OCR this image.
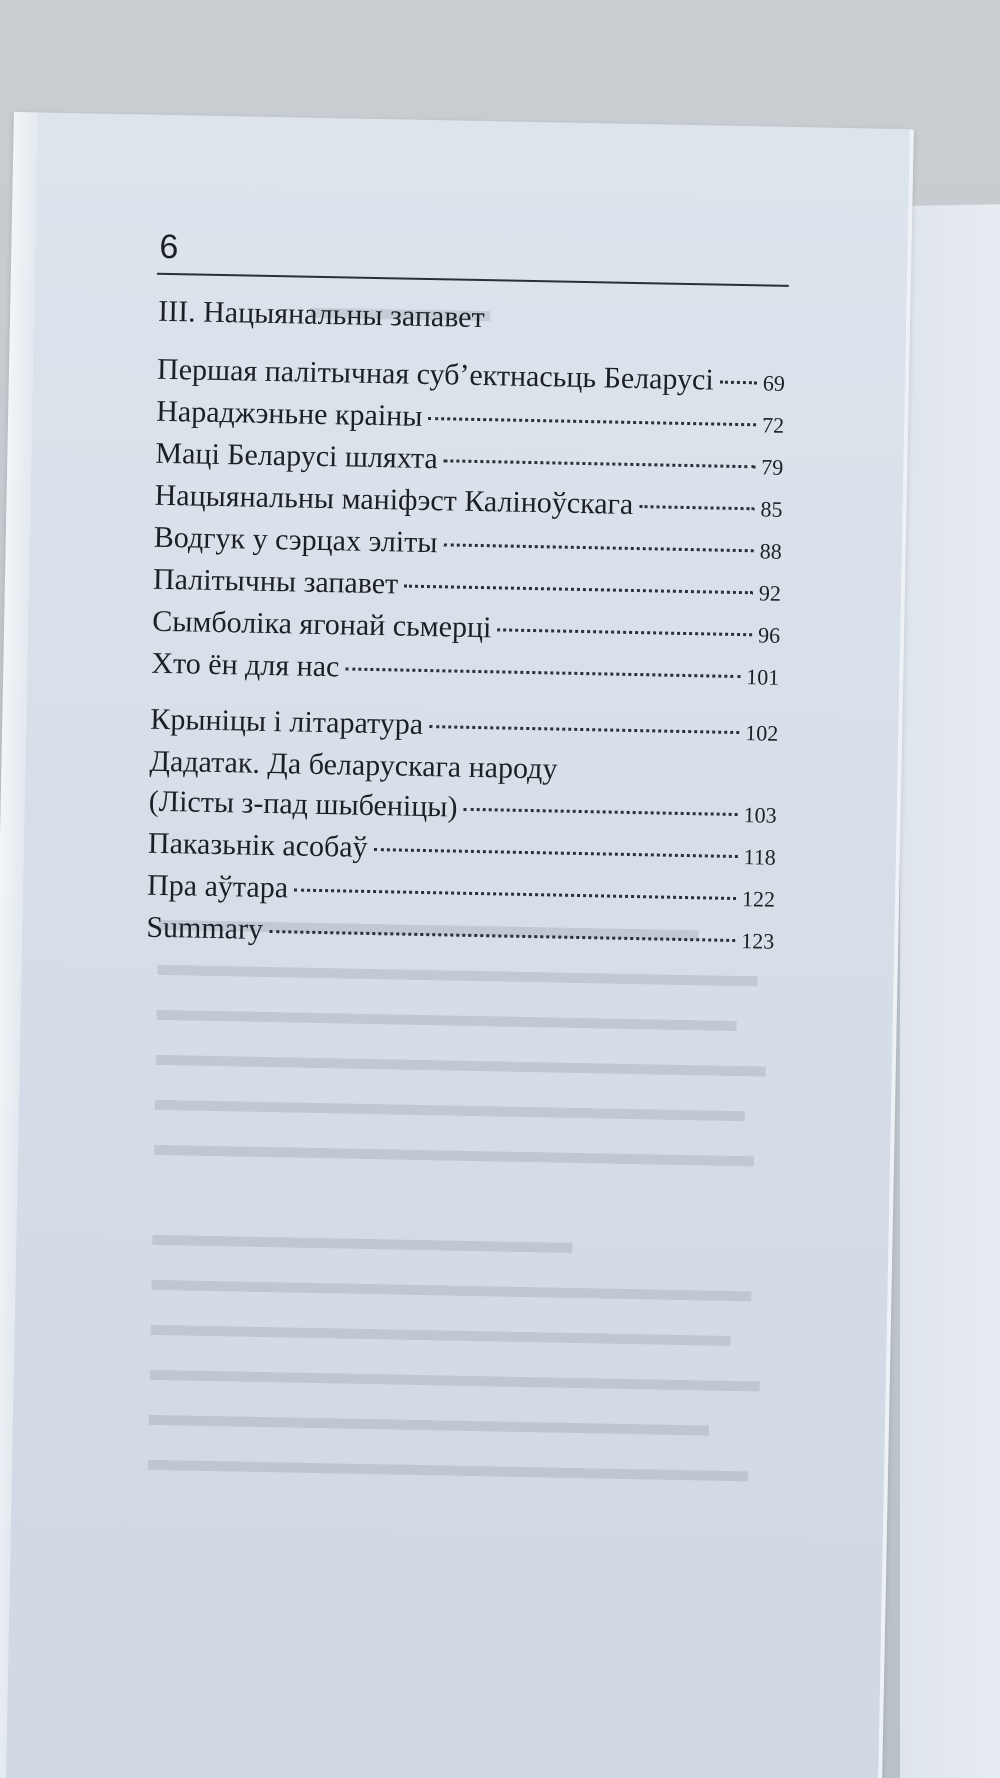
6
ІІІ. Нацыянальны запавет
Першая палітычная суб’ектнасьць Беларусі 69
Нараджэньне краіны	72
Маці Беларусі шляхта	79
Нацыянальны маніфэст Каліноўскага	85
Водгук у сэрцах эліты	88
Палітычны запавет	92
Сымболіка ягонай сьмерці	96
Хто ён для нас	101
Крыніцы і літаратура	102
Дадатак. Да беларускага народу
(Лісты з-пад шыбеніцы)	103
Паказьнік асобаў	118
Пра аўтара	122
Summary	123
